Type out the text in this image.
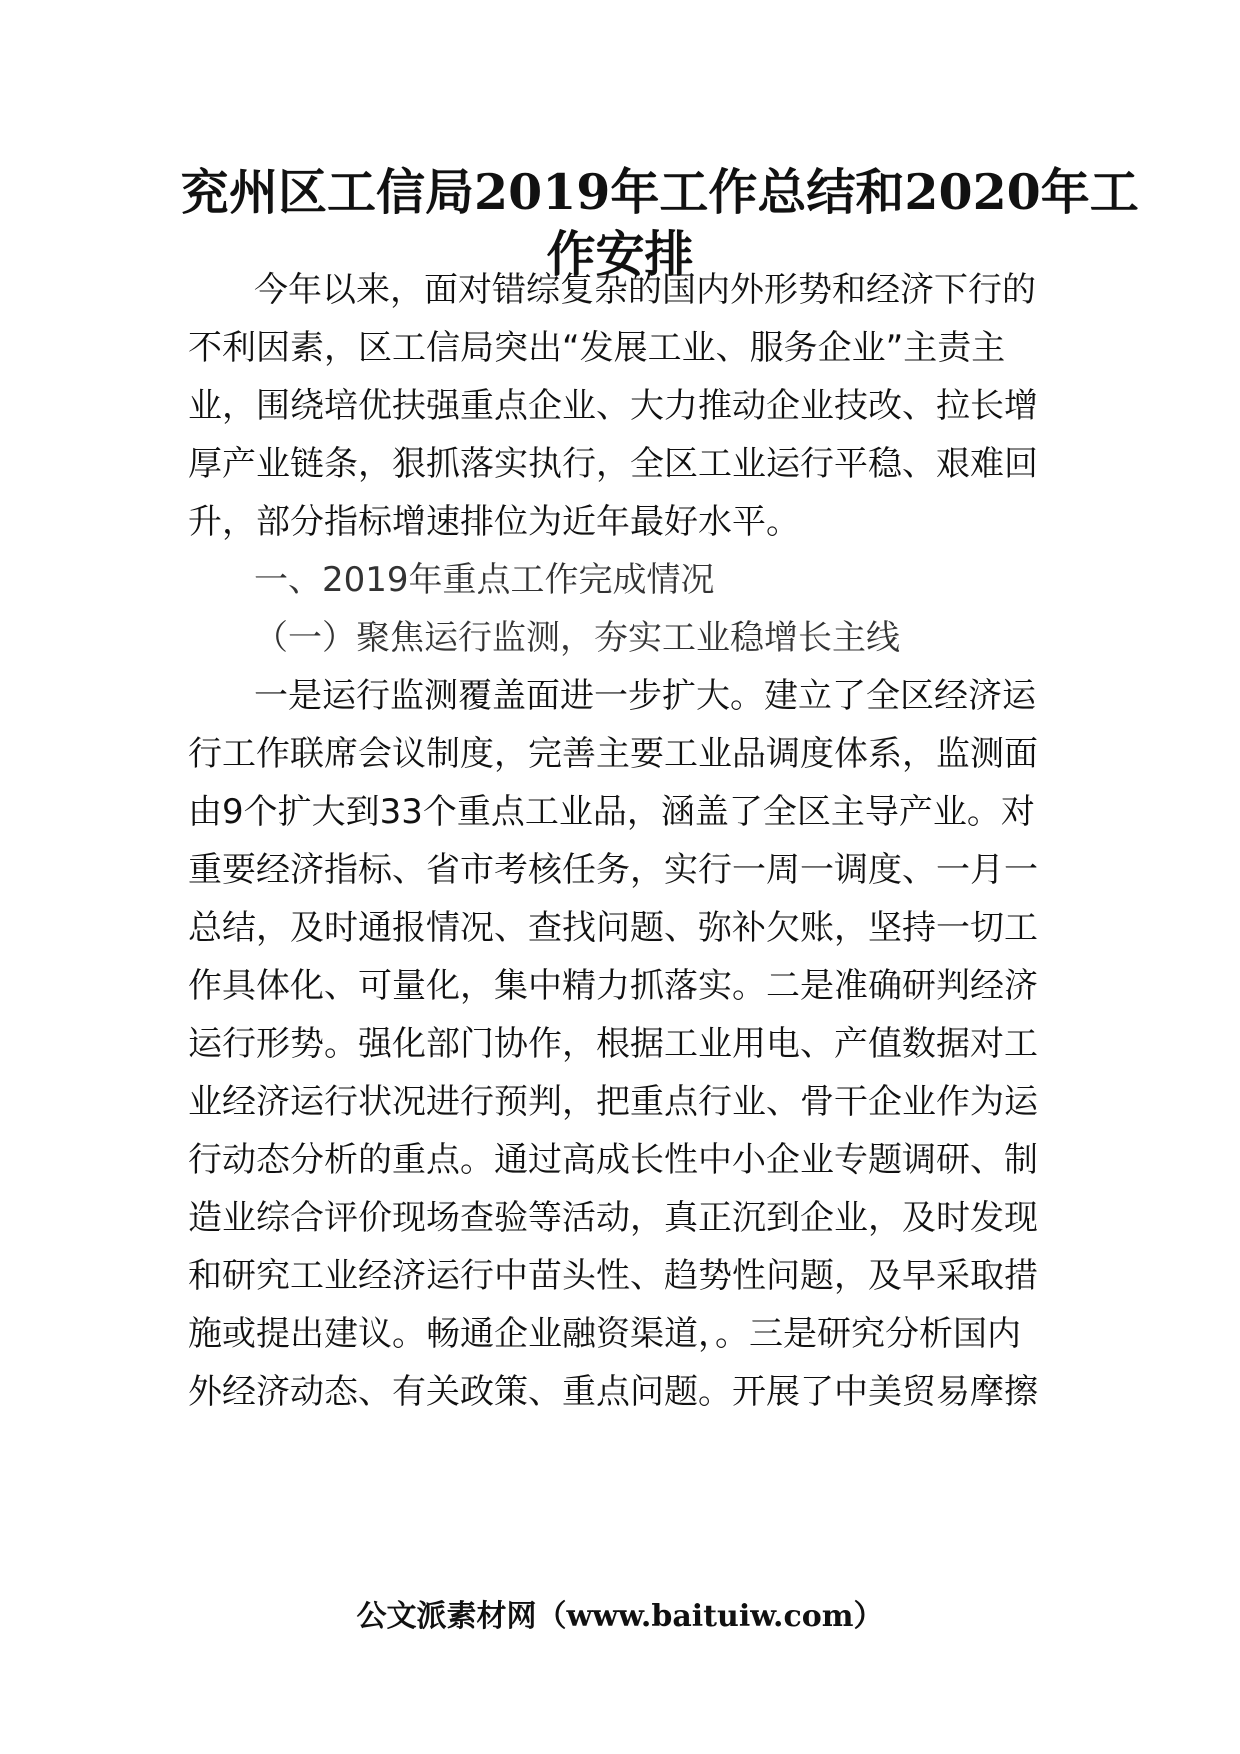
兖州区工信局2019年工作总结和2020年工
作安排
今年以来，面对错综复杂的国内外形势和经济下行的
不利因素，区工信局突出“发展工业、服务企业”主责主
业，围绕培优扶强重点企业、大力推动企业技改、拉长增
厚产业链条，狠抓落实执行，全区工业运行平稳、艰难回
升，部分指标增速排位为近年最好水平。
一、2019年重点工作完成情况
（一）聚焦运行监测，夯实工业稳增长主线
一是运行监测覆盖面进一步扩大。建立了全区经济运
行工作联席会议制度，完善主要工业品调度体系，监测面
由9个扩大到33个重点工业品，涵盖了全区主导产业。对
重要经济指标、省市考核任务，实行一周一调度、一月一
总结，及时通报情况、查找问题、弥补欠账，坚持一切工
作具体化、可量化，集中精力抓落实。二是准确研判经济
运行形势。强化部门协作，根据工业用电、产值数据对工
业经济运行状况进行预判，把重点行业、骨干企业作为运
行动态分析的重点。通过高成长性中小企业专题调研、制
造业综合评价现场查验等活动，真正沉到企业，及时发现
和研究工业经济运行中苗头性、趋势性问题，及早采取措
施或提出建议。畅通企业融资渠道，。三是研究分析国内
外经济动态、有关政策、重点问题。开展了中美贸易摩擦
公文派素材网（www.baituiw.com）
